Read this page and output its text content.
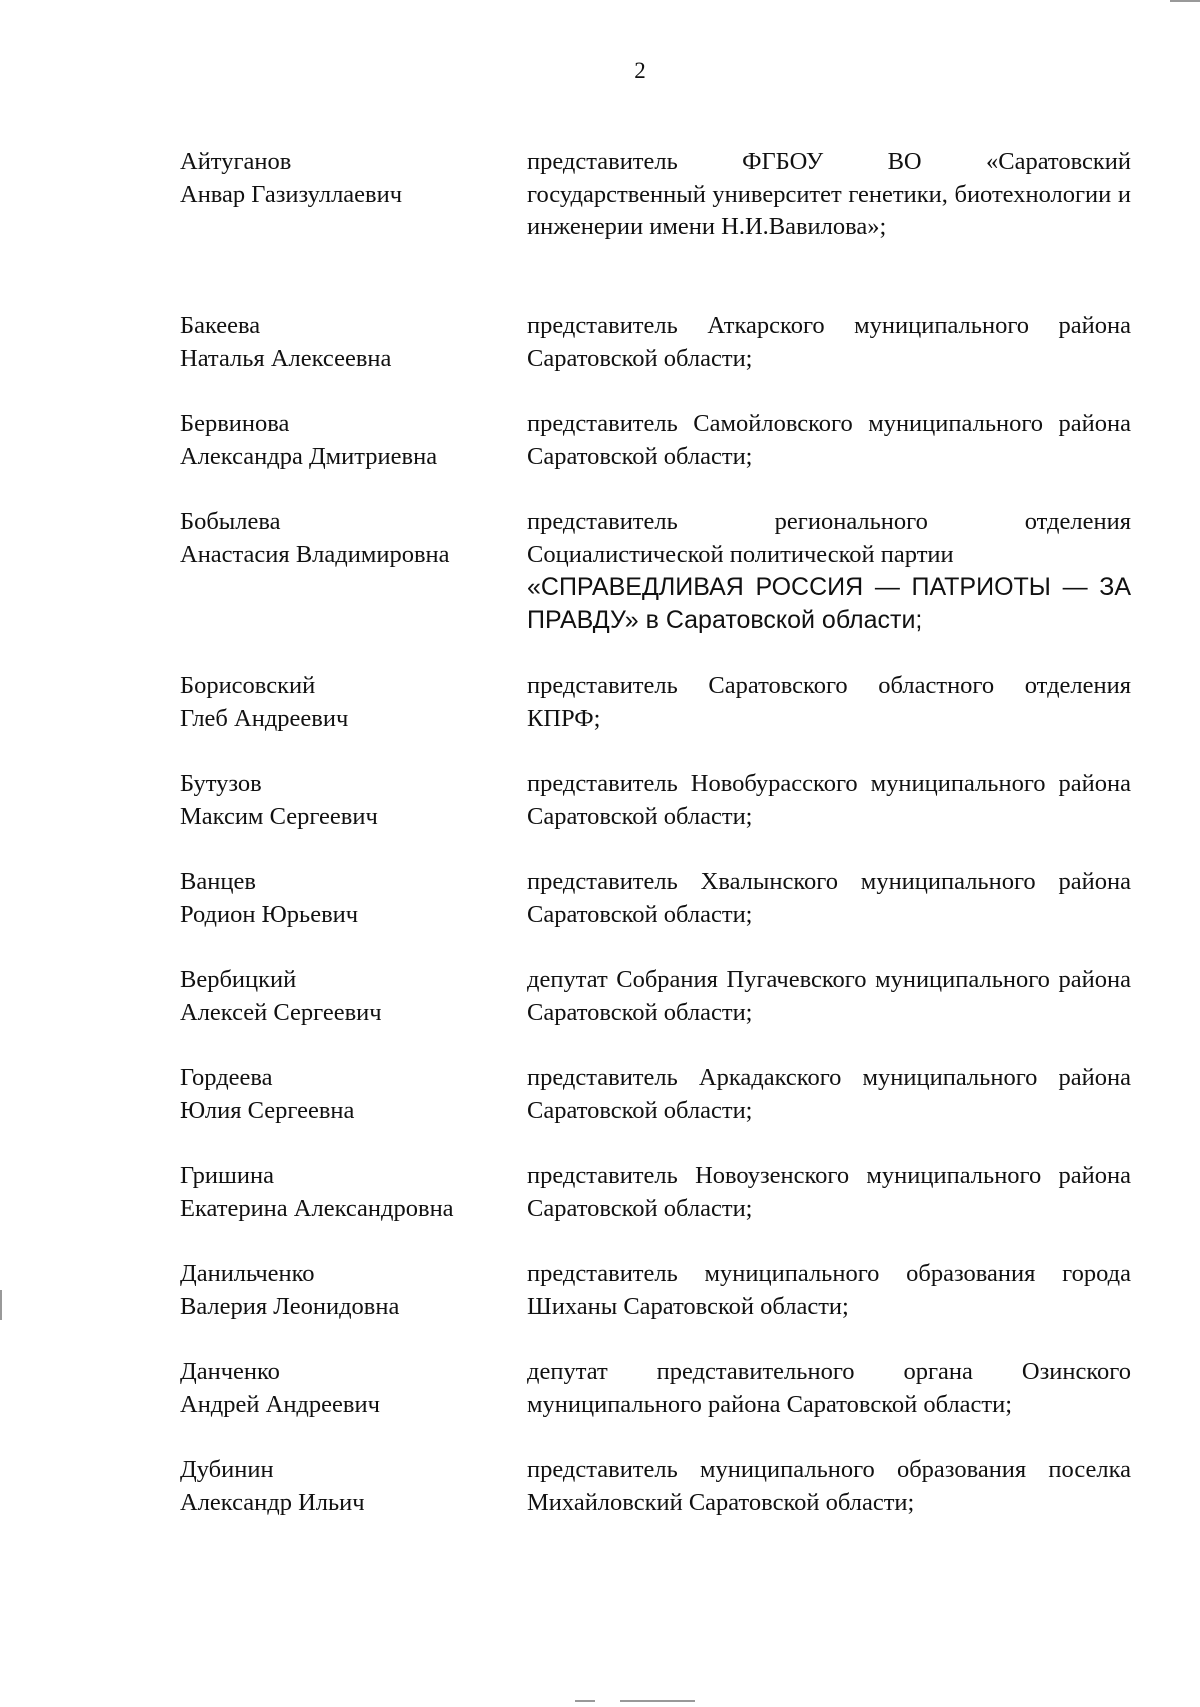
2
Айтуганов
Анвар Газизуллаевич
представитель ФГБОУ ВО «Саратовский государственный университет генетики, биотехнологии и инженерии имени Н.И.Вавилова»;
Бакеева
Наталья Алексеевна
представитель Аткарского муниципального района Саратовской области;
Бервинова
Александра Дмитриевна
представитель Самойловского муниципального района Саратовской области;
Бобылева
Анастасия Владимировна
представитель регионального отделения Социалистической политической партии
«СПРАВЕДЛИВАЯ РОССИЯ — ПАТРИОТЫ — ЗА ПРАВДУ» в Саратовской области;
Борисовский
Глеб Андреевич
представитель Саратовского областного отделения КПРФ;
Бутузов
Максим Сергеевич
представитель Новобурасского муниципального района Саратовской области;
Ванцев
Родион Юрьевич
представитель Хвалынского муниципального района Саратовской области;
Вербицкий
Алексей Сергеевич
депутат Собрания Пугачевского муниципального района Саратовской области;
Гордеева
Юлия Сергеевна
представитель Аркадакского муниципального района Саратовской области;
Гришина
Екатерина Александровна
представитель Новоузенского муниципального района Саратовской области;
Данильченко
Валерия Леонидовна
представитель муниципального образования города Шиханы Саратовской области;
Данченко
Андрей Андреевич
депутат представительного органа Озинского муниципального района Саратовской области;
Дубинин
Александр Ильич
представитель муниципального образования поселка Михайловский Саратовской области;
